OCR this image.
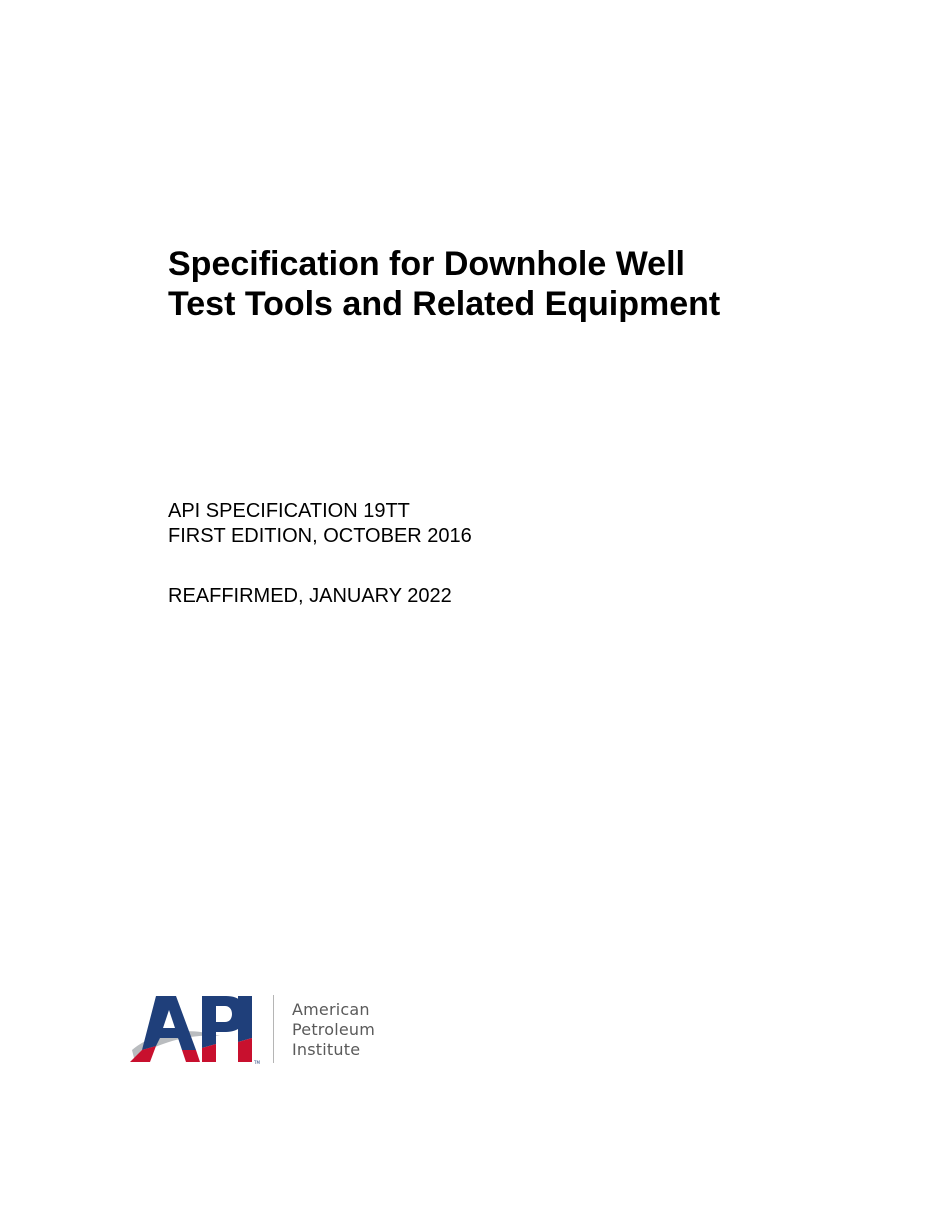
Specification for Downhole Well
Test Tools and Related Equipment
API SPECIFICATION 19TT
FIRST EDITION, OCTOBER 2016
REAFFIRMED, JANUARY 2022
TM
American
Petroleum
Institute
